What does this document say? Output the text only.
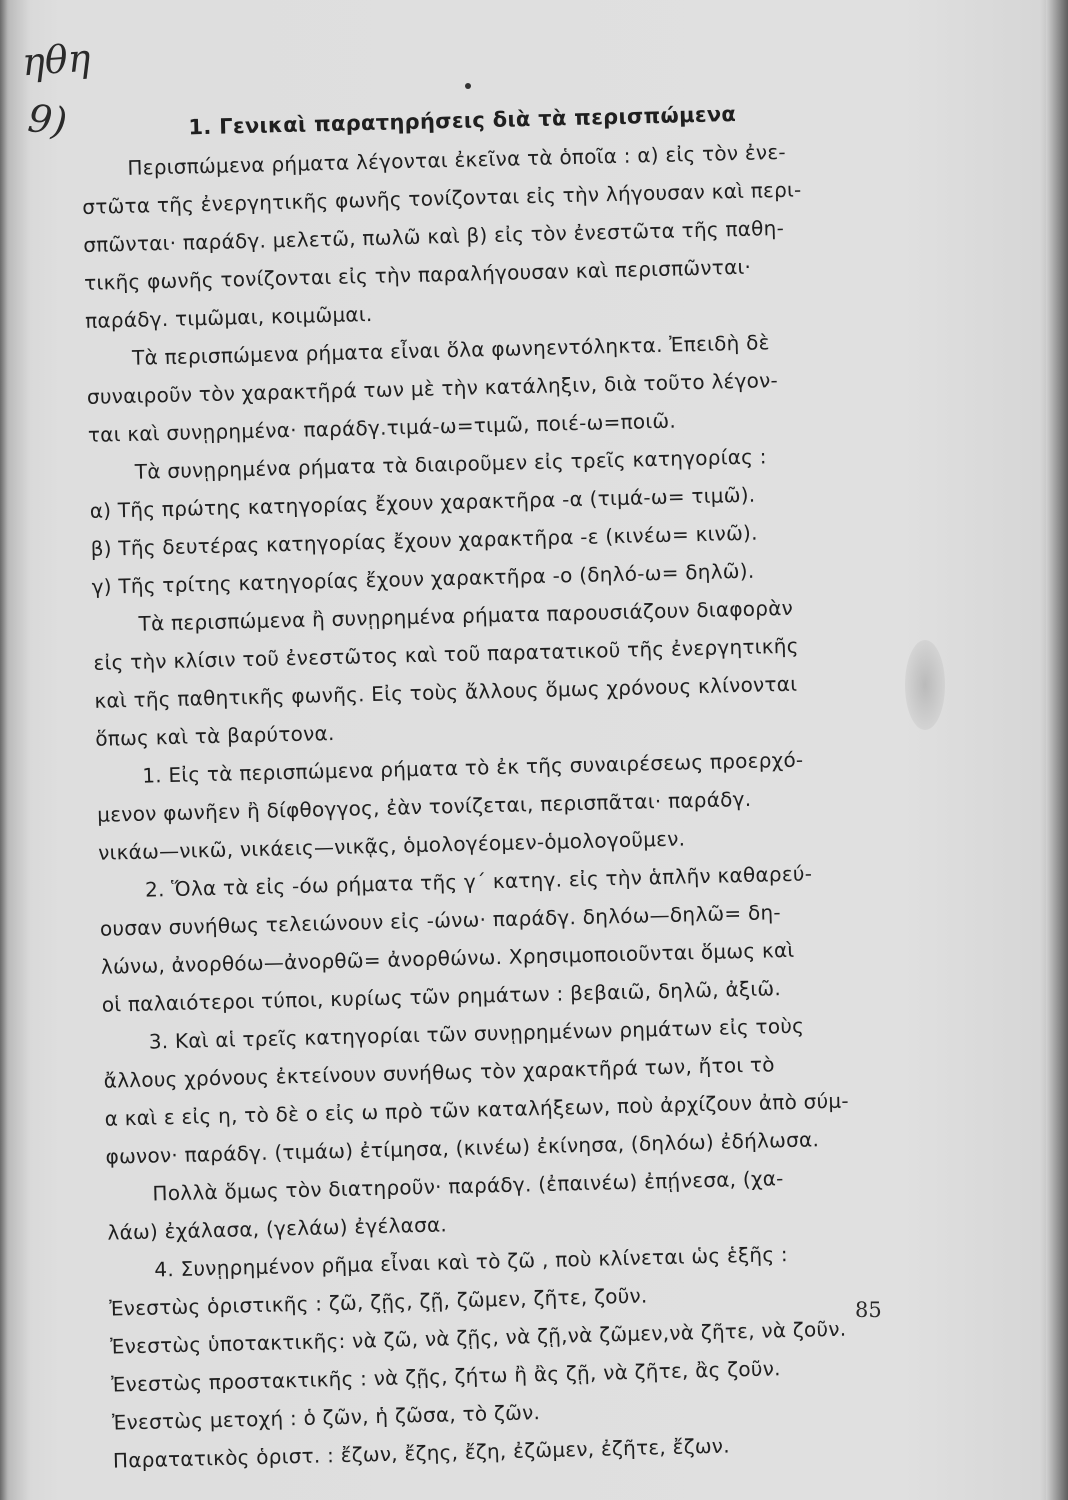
ηθη
9)	1. Γενικαὶ παρατηρήσεις διὰ τὰ περισπώμενα
Περισπώμενα ρήματα λέγονται ἐκεῖνα τὰ ὁποῖα : α) εἰς τὸν ἐνε-
στῶτα τῆς ἐνεργητικῆς φωνῆς τονίζονται εἰς τὴν λήγουσαν καὶ περι-
σπῶνται· παράδγ. μελετῶ, πωλῶ καὶ β) εἰς τὸν ἐνεστῶτα τῆς παθη-
τικῆς φωνῆς τονίζονται εἰς τὴν παραλήγουσαν καὶ περισπῶνται·
παράδγ. τιμῶμαι, κοιμῶμαι.
Τὰ περισπώμενα ρήματα εἶναι ὅλα φωνηεντόληκτα. Ἐπειδὴ δὲ
συναιροῦν τὸν χαρακτῆρά των μὲ τὴν κατάληξιν, διὰ τοῦτο λέγον-
ται καὶ συνῃρημένα· παράδγ.τιμά-ω=τιμῶ, ποιέ-ω=ποιῶ.
Τὰ συνῃρημένα ρήματα τὰ διαιροῦμεν εἰς τρεῖς κατηγορίας :
α) Τῆς πρώτης κατηγορίας ἔχουν χαρακτῆρα -α (τιμά-ω= τιμῶ).
β) Τῆς δευτέρας κατηγορίας ἔχουν χαρακτῆρα -ε (κινέω= κινῶ).
γ) Τῆς τρίτης κατηγορίας ἔχουν χαρακτῆρα -ο (δηλό-ω= δηλῶ).
Τὰ περισπώμενα ἢ συνῃρημένα ρήματα παρουσιάζουν διαφορὰν
εἰς τὴν κλίσιν τοῦ ἐνεστῶτος καὶ τοῦ παρατατικοῦ τῆς ἐνεργητικῆς
καὶ τῆς παθητικῆς φωνῆς. Εἰς τοὺς ἄλλους ὅμως χρόνους κλίνονται
ὅπως καὶ τὰ βαρύτονα.
1. Εἰς τὰ περισπώμενα ρήματα τὸ ἐκ τῆς συναιρέσεως προερχό-
μενον φωνῆεν ἢ δίφθογγος, ἐὰν τονίζεται, περισπᾶται· παράδγ.
νικάω—νικῶ, νικάεις—νικᾷς, ὁμολογέομεν-ὁμολογοῦμεν.
2. Ὅλα τὰ εἰς -όω ρήματα τῆς γ΄ κατηγ. εἰς τὴν ἁπλῆν καθαρεύ-
ουσαν συνήθως τελειώνουν εἰς -ώνω· παράδγ. δηλόω—δηλῶ= δη-
λώνω, ἀνορθόω—ἀνορθῶ= ἀνορθώνω. Χρησιμοποιοῦνται ὅμως καὶ
οἱ παλαιότεροι τύποι, κυρίως τῶν ρημάτων : βεβαιῶ, δηλῶ, ἀξιῶ.
3. Καὶ αἱ τρεῖς κατηγορίαι τῶν συνῃρημένων ρημάτων εἰς τοὺς
ἄλλους χρόνους ἐκτείνουν συνήθως τὸν χαρακτῆρά των, ἤτοι τὸ
α καὶ ε εἰς η, τὸ δὲ ο εἰς ω πρὸ τῶν καταλήξεων, ποὺ ἀρχίζουν ἀπὸ σύμ-
φωνον· παράδγ. (τιμάω) ἐτίμησα, (κινέω) ἐκίνησα, (δηλόω) ἐδήλωσα.
Πολλὰ ὅμως τὸν διατηροῦν· παράδγ. (ἐπαινέω) ἐπῄνεσα, (χα-
λάω) ἐχάλασα, (γελάω) ἐγέλασα.
4. Συνῃρημένον ρῆμα εἶναι καὶ τὸ ζῶ , ποὺ κλίνεται ὡς ἑξῆς :
Ἐνεστὼς ὁριστικῆς : ζῶ, ζῇς, ζῇ, ζῶμεν, ζῆτε, ζοῦν.
Ἐνεστὼς ὑποτακτικῆς: νὰ ζῶ, νὰ ζῇς, νὰ ζῇ,νὰ ζῶμεν,νὰ ζῆτε, νὰ ζοῦν.
Ἐνεστὼς προστακτικῆς : νὰ ζῇς, ζήτω ἢ ἂς ζῇ, νὰ ζῆτε, ἂς ζοῦν.
Ἐνεστὼς μετοχή : ὁ ζῶν, ἡ ζῶσα, τὸ ζῶν.
Παρατατικὸς ὁριστ. : ἔζων, ἔζης, ἔζη, ἐζῶμεν, ἐζῆτε, ἔζων.
85
